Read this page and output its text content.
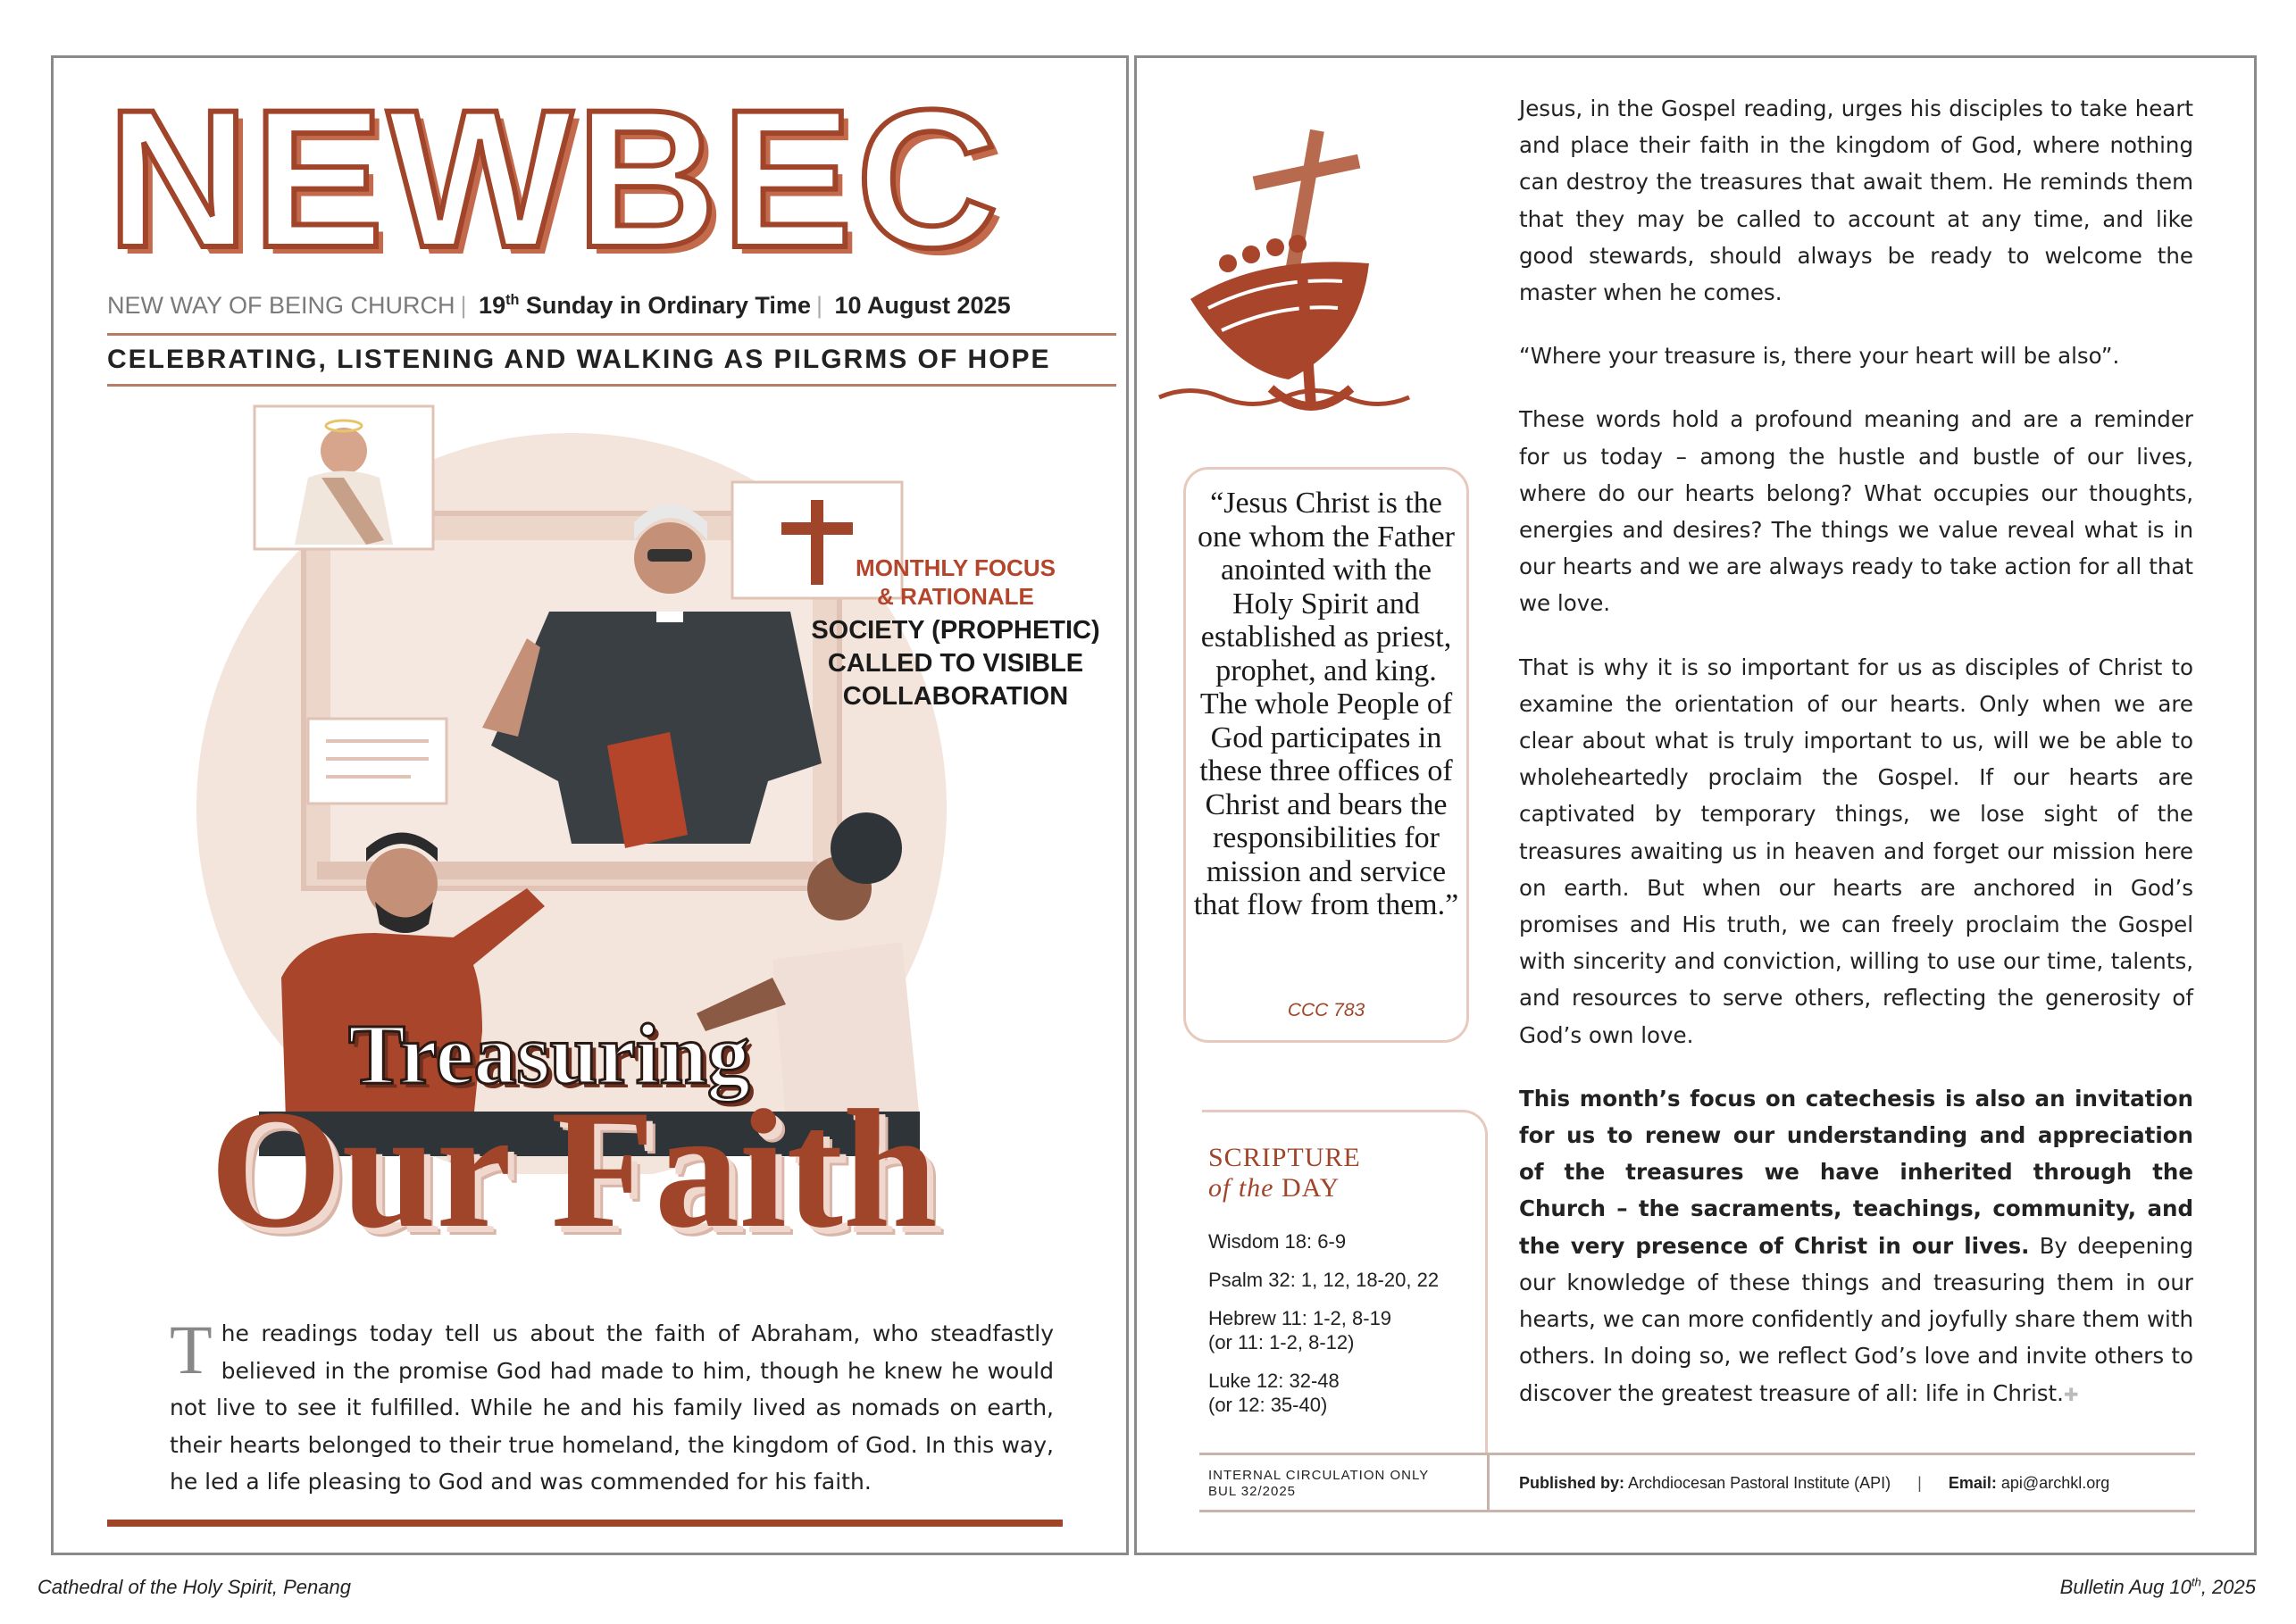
NEWBEC
NEW WAY OF BEING CHURCH | 19th Sunday in Ordinary Time | 10 August 2025
CELEBRATING, LISTENING AND WALKING AS PILGRMS OF HOPE
MONTHLY FOCUS
& RATIONALE
SOCIETY (PROPHETIC)
CALLED TO VISIBLE
COLLABORATION
Treasuring
Our Faith
The readings today tell us about the faith of Abraham, who steadfastly believed in the promise God had made to him, though he knew he would not live to see it fulfilled. While he and his family lived as nomads on earth, their hearts belonged to their true homeland, the kingdom of God. In this way, he led a life pleasing to God and was commended for his faith.
“Jesus Christ is the one whom the Father anointed with the Holy Spirit and established as priest, prophet, and king. The whole People of God participates in these three offices of Christ and bears the responsibilities for mission and service that flow from them.”
CCC 783
SCRIPTURE
of the DAY
Wisdom 18: 6-9
Psalm 32: 1, 12, 18-20, 22
Hebrew 11: 1-2, 8-19
(or 11: 1-2, 8-12)
Luke 12: 32-48
(or 12: 35-40)

Jesus, in the Gospel reading, urges his disciples to take heart and place their faith in the kingdom of God, where nothing can destroy the treasures that await them. He reminds them that they may be called to account at any time, and like good stewards, should always be ready to welcome the master when he comes.

“Where your treasure is, there your heart will be also”.

These words hold a profound meaning and are a reminder for us today – among the hustle and bustle of our lives, where do our hearts belong? What occupies our thoughts, energies and desires? The things we value reveal what is in our hearts and we are always ready to take action for all that we love.

That is why it is so important for us as disciples of Christ to examine the orientation of our hearts. Only when we are clear about what is truly important to us, will we be able to wholeheartedly proclaim the Gospel. If our hearts are captivated by temporary things, we lose sight of the treasures awaiting us in heaven and forget our mission here on earth. But when our hearts are anchored in God’s promises and His truth, we can freely proclaim the Gospel with sincerity and conviction, willing to use our time, talents, and resources to serve others, reflecting the generosity of God’s own love.

This month’s focus on catechesis is also an invitation for us to renew our understanding and appreciation of the treasures we have inherited through the Church – the sacraments, teachings, community, and the very presence of Christ in our lives. By deepening our knowledge of these things and treasuring them in our hearts, we can more confidently and joyfully share them with others. In doing so, we reflect God’s love and invite others to discover the greatest treasure of all: life in Christ.✚

INTERNAL CIRCULATION ONLY
BUL 32/2025	Published by: Archdiocesan Pastoral Institute (API) | Email: api@archkl.org
Cathedral of the Holy Spirit, Penang	Bulletin Aug 10th, 2025
